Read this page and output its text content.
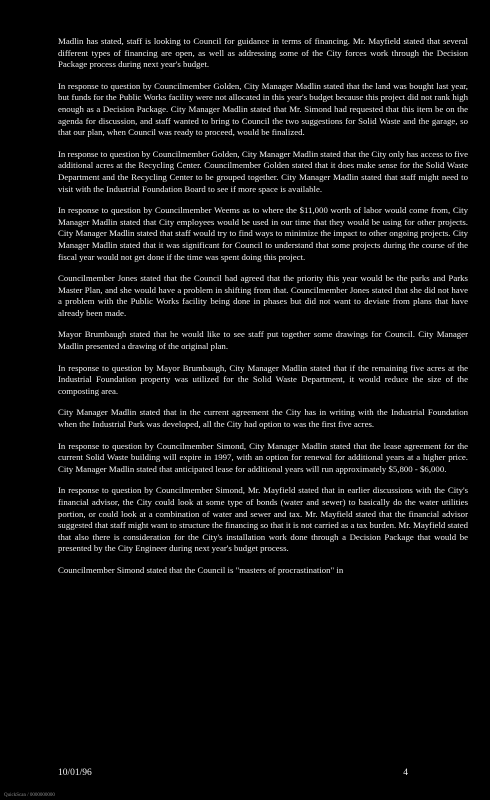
Madlin has stated, staff is looking to Council for guidance in terms of financing. Mr. Mayfield stated that several different types of financing are open, as well as addressing some of the City forces work through the Decision Package process during next year's budget.

In response to question by Councilmember Golden, City Manager Madlin stated that the land was bought last year, but funds for the Public Works facility were not allocated in this year's budget because this project did not rank high enough as a Decision Package. City Manager Madlin stated that Mr. Simond had requested that this item be on the agenda for discussion, and staff wanted to bring to Council the two suggestions for Solid Waste and the garage, so that our plan, when Council was ready to proceed, would be finalized.

In response to question by Councilmember Golden, City Manager Madlin stated that the City only has access to five additional acres at the Recycling Center. Councilmember Golden stated that it does make sense for the Solid Waste Department and the Recycling Center to be grouped together. City Manager Madlin stated that staff might need to visit with the Industrial Foundation Board to see if more space is available.

In response to question by Councilmember Weems as to where the $11,000 worth of labor would come from, City Manager Madlin stated that City employees would be used in our time that they would be using for other projects. City Manager Madlin stated that staff would try to find ways to minimize the impact to other ongoing projects. City Manager Madlin stated that it was significant for Council to understand that some projects during the course of the fiscal year would not get done if the time was spent doing this project.

Councilmember Jones stated that the Council had agreed that the priority this year would be the parks and Parks Master Plan, and she would have a problem in shifting from that. Councilmember Jones stated that she did not have a problem with the Public Works facility being done in phases but did not want to deviate from plans that have already been made.

Mayor Brumbaugh stated that he would like to see staff put together some drawings for Council. City Manager Madlin presented a drawing of the original plan.

In response to question by Mayor Brumbaugh, City Manager Madlin stated that if the remaining five acres at the Industrial Foundation property was utilized for the Solid Waste Department, it would reduce the size of the composting area.

City Manager Madlin stated that in the current agreement the City has in writing with the Industrial Foundation when the Industrial Park was developed, all the City had option to was the first five acres.

In response to question by Councilmember Simond, City Manager Madlin stated that the lease agreement for the current Solid Waste building will expire in 1997, with an option for renewal for additional years at a higher price. City Manager Madlin stated that anticipated lease for additional years will run approximately $5,800 - $6,000.

In response to question by Councilmember Simond, Mr. Mayfield stated that in earlier discussions with the City's financial advisor, the City could look at some type of bonds (water and sewer) to basically do the water utilities portion, or could look at a combination of water and sewer and tax. Mr. Mayfield stated that the financial advisor suggested that staff might want to structure the financing so that it is not carried as a tax burden. Mr. Mayfield stated that also there is consideration for the City's installation work done through a Decision Package that would be presented by the City Engineer during next year's budget process.

Councilmember Simond stated that the Council is "masters of procrastination" in

10/01/96	4
QuickScan / 0000000000
